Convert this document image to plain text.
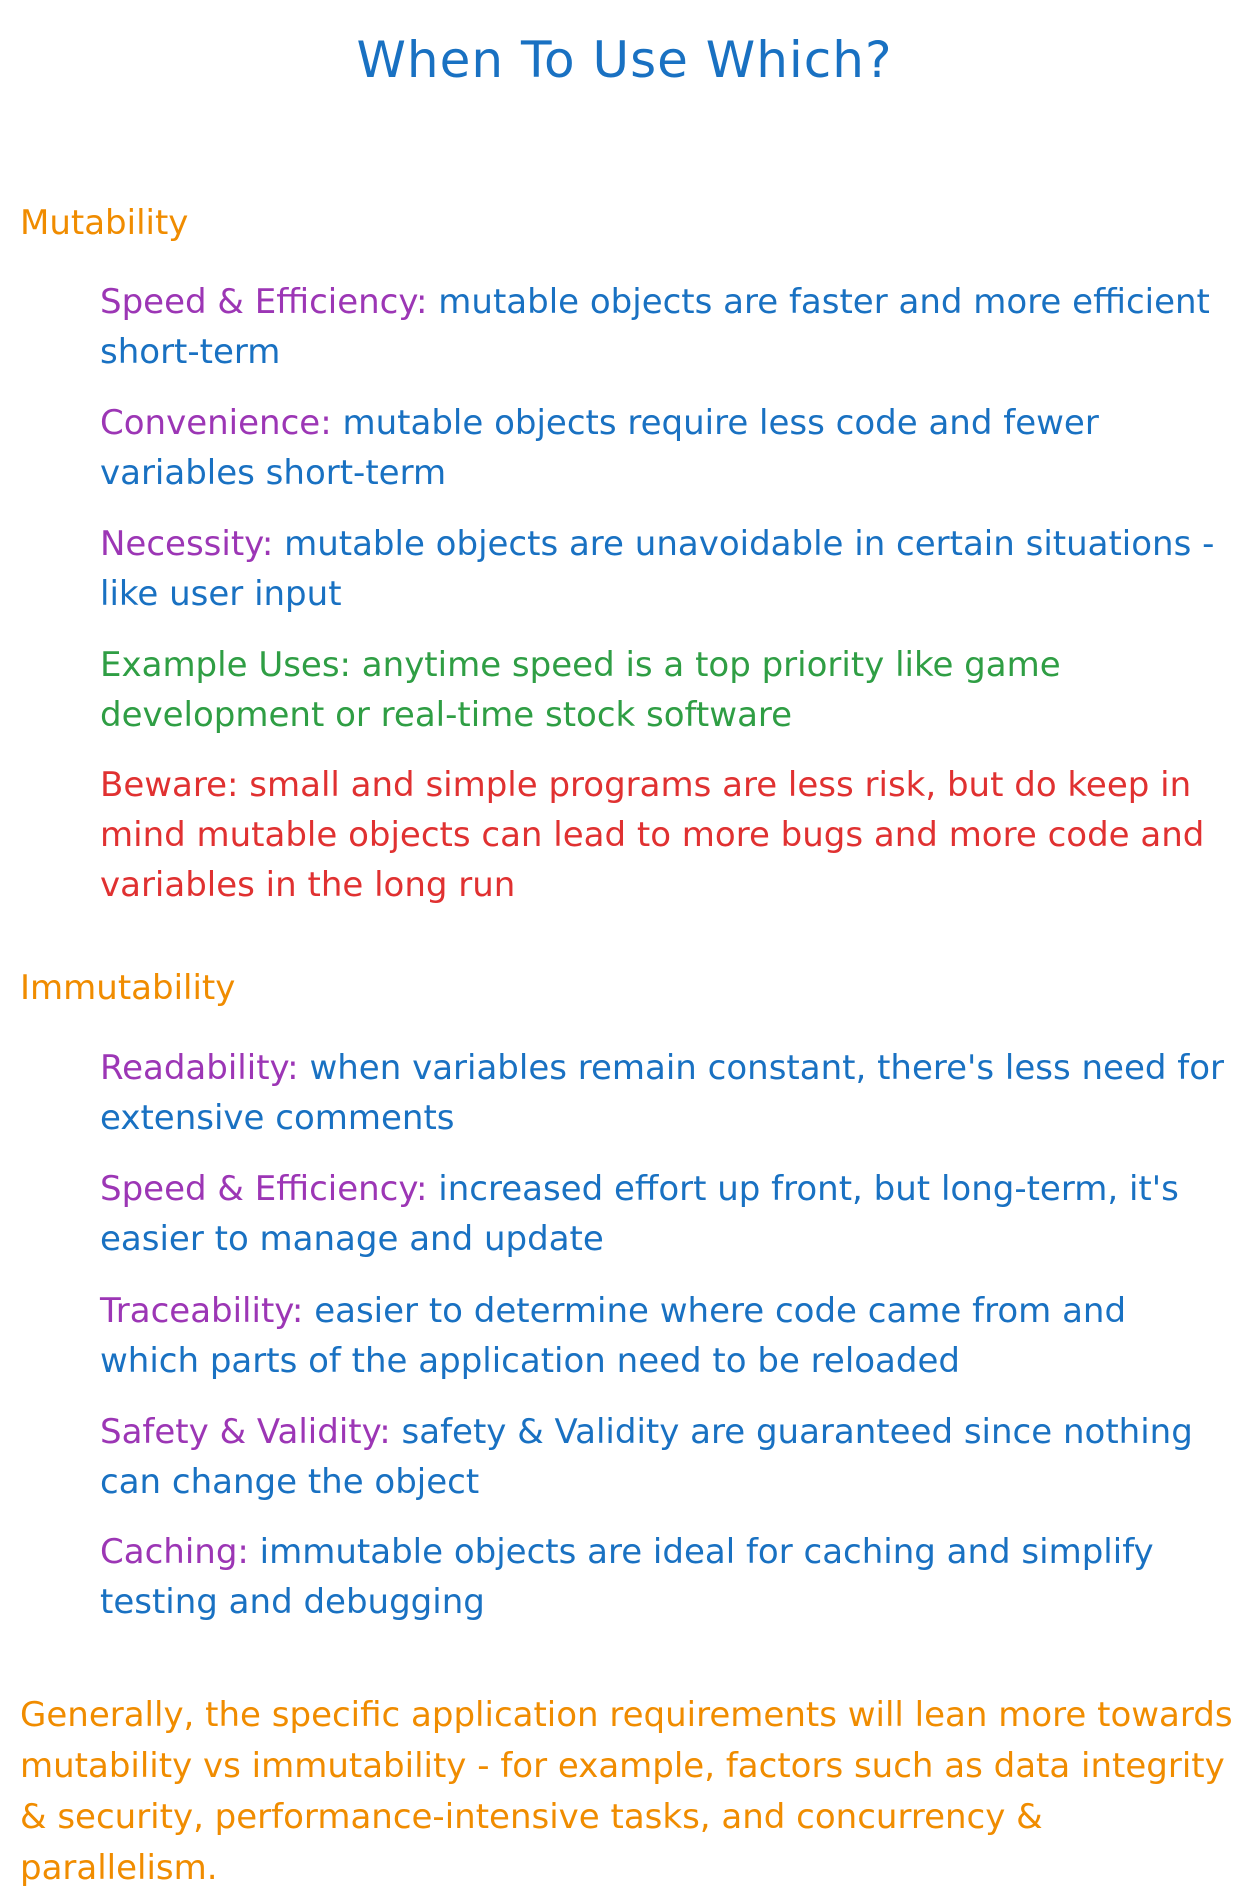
When To Use Which?
Mutability
Speed & Efficiency: mutable objects are faster and more efficient short-term
Convenience: mutable objects require less code and fewer variables short-term
Necessity: mutable objects are unavoidable in certain situations - like user input
Example Uses: anytime speed is a top priority like game development or real-time stock software
Beware: small and simple programs are less risk, but do keep in mind mutable objects can lead to more bugs and more code and variables in the long run
Immutability
Readability: when variables remain constant, there's less need for extensive comments
Speed & Efficiency: increased effort up front, but long-term, it's easier to manage and update
Traceability: easier to determine where code came from and which parts of the application need to be reloaded
Safety & Validity: safety & Validity are guaranteed since nothing can change the object
Caching: immutable objects are ideal for caching and simplify testing and debugging
Generally, the specific application requirements will lean more towards mutability vs immutability - for example, factors such as data integrity & security, performance-intensive tasks, and concurrency & parallelism.
